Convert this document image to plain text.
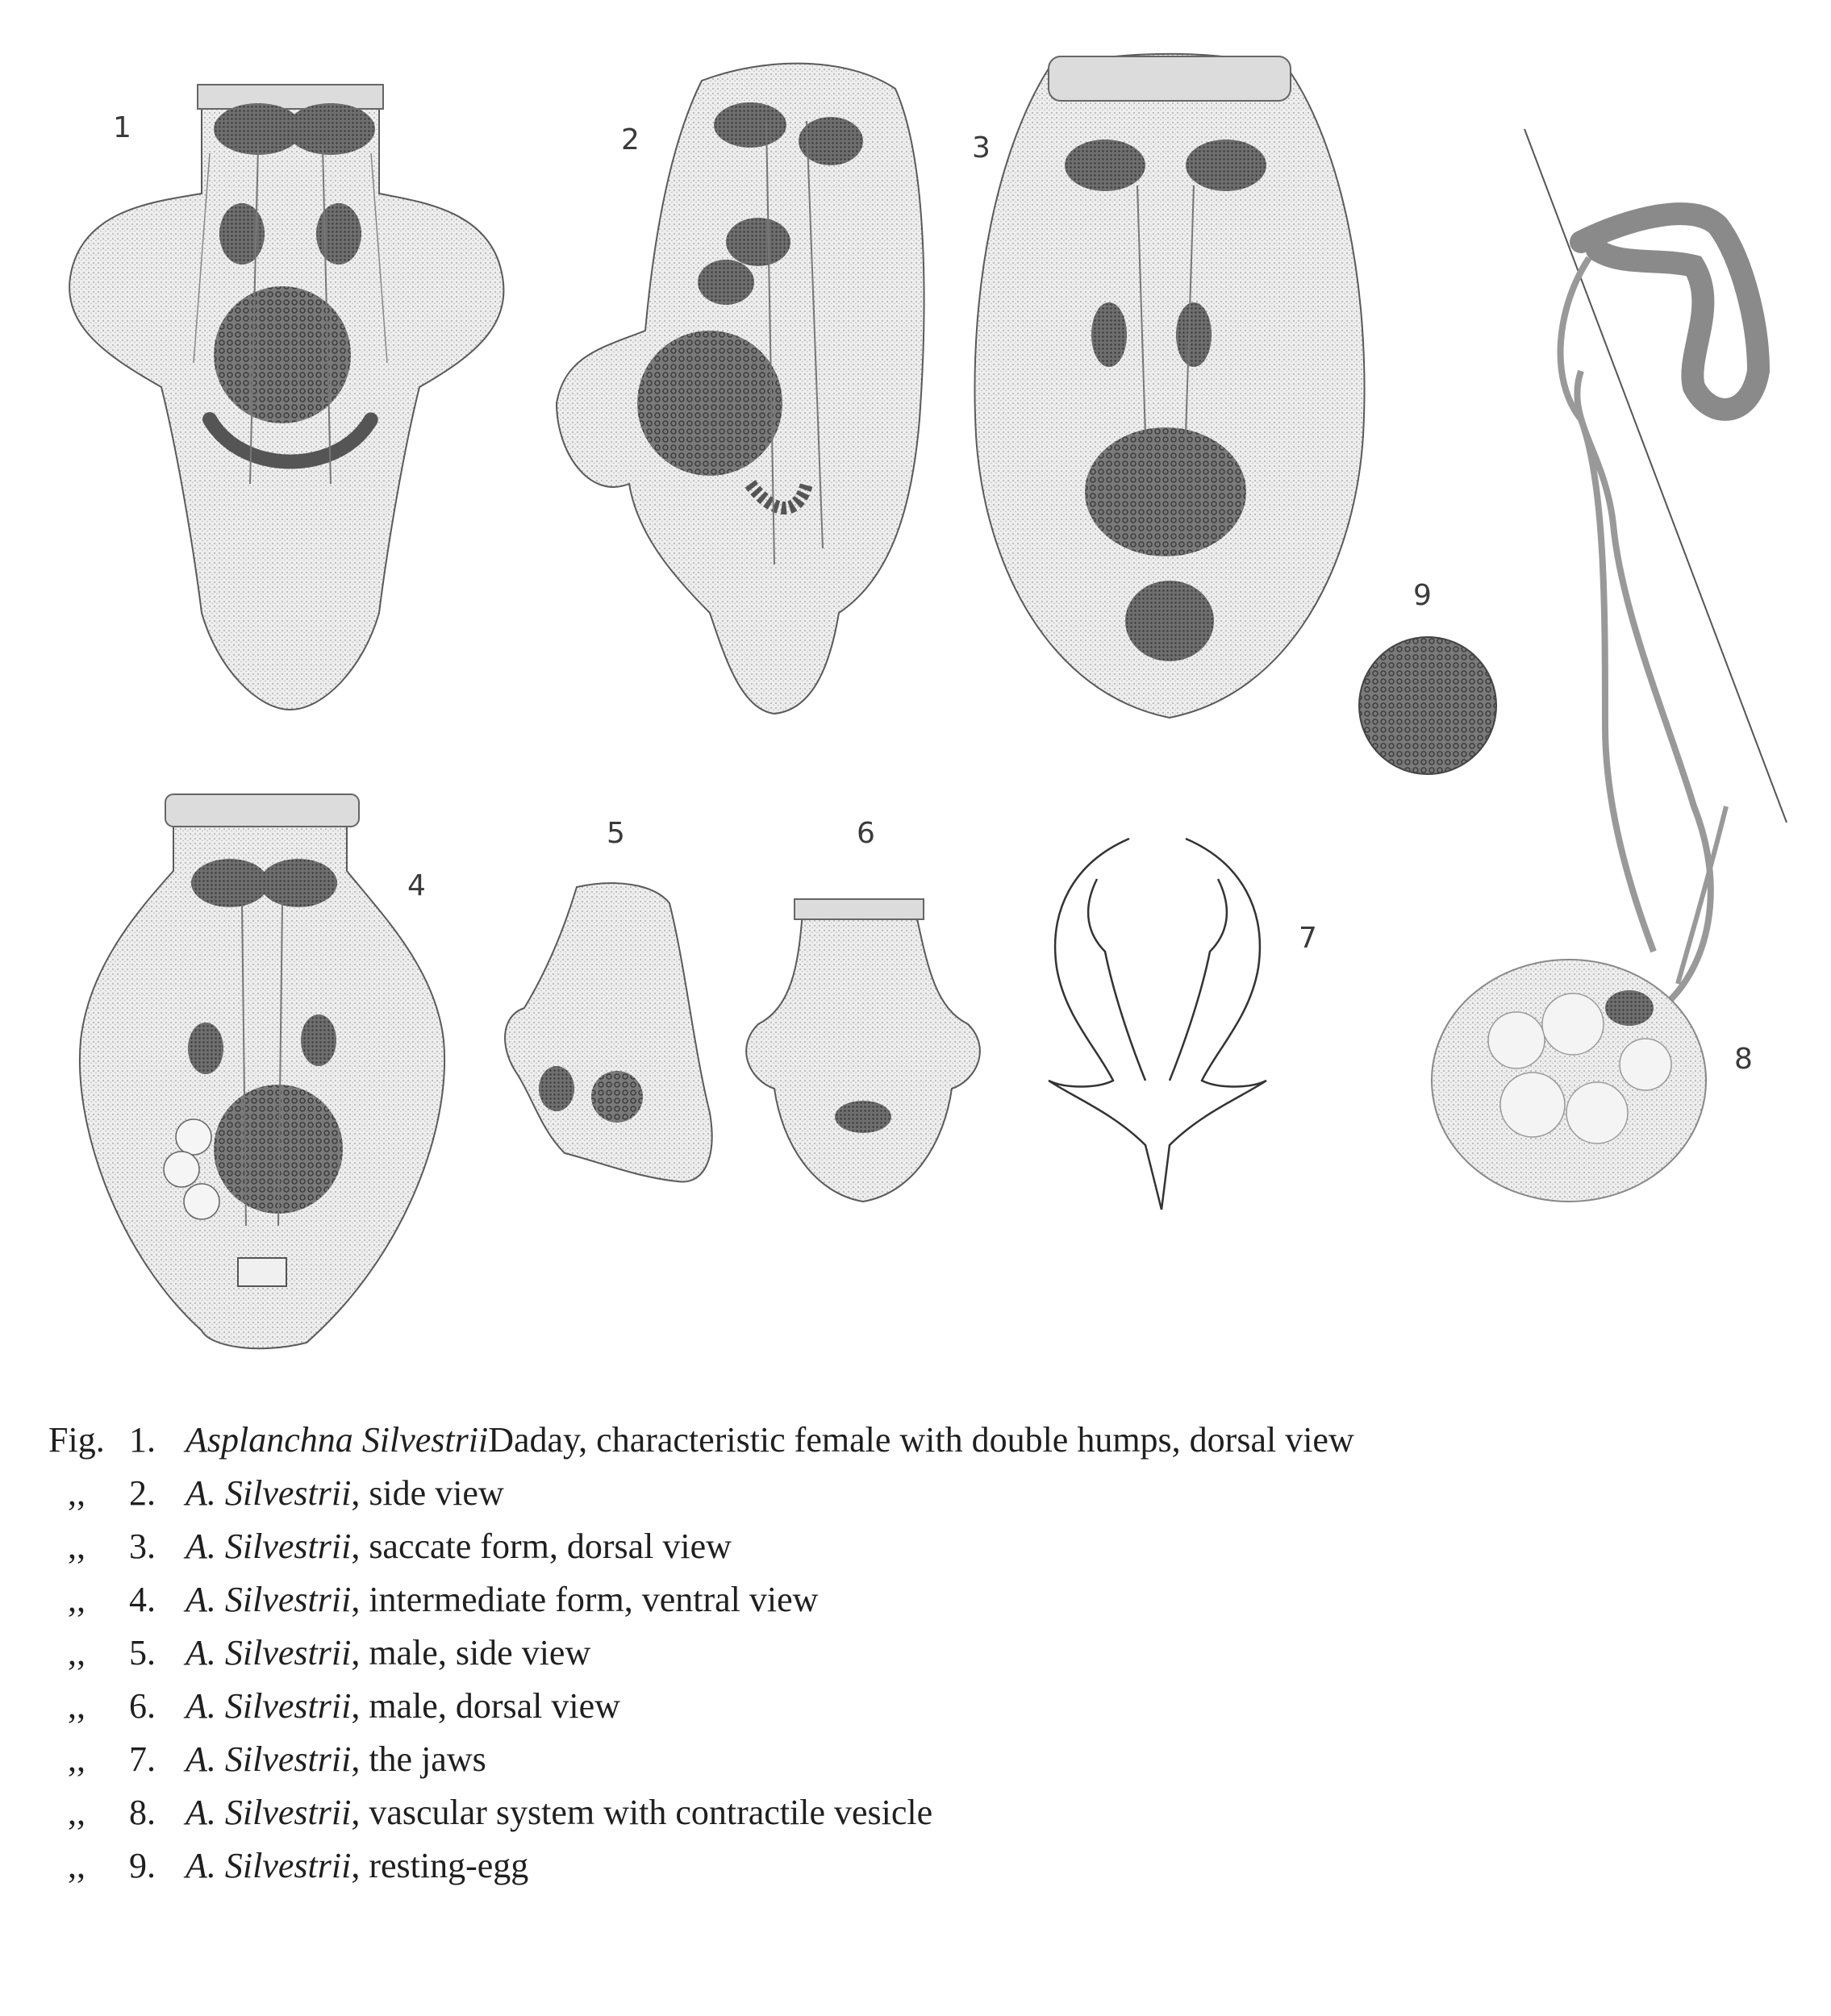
1	2	3
4
5	6
7
8
9
Fig. 1. Asplanchna Silvestrii Daday, characteristic female with double humps, dorsal view
,,	2. A. Silvestrii , side view
,,	3. A. Silvestrii , saccate form, dorsal view
,,	4. A. Silvestrii , intermediate form, ventral view
,,	5. A. Silvestrii , male, side view
,,	6. A. Silvestrii , male, dorsal view
,,	7. A. Silvestrii , the jaws
,,	8. A. Silvestrii , vascular system with contractile vesicle
,,	9. A. Silvestrii , resting-egg
